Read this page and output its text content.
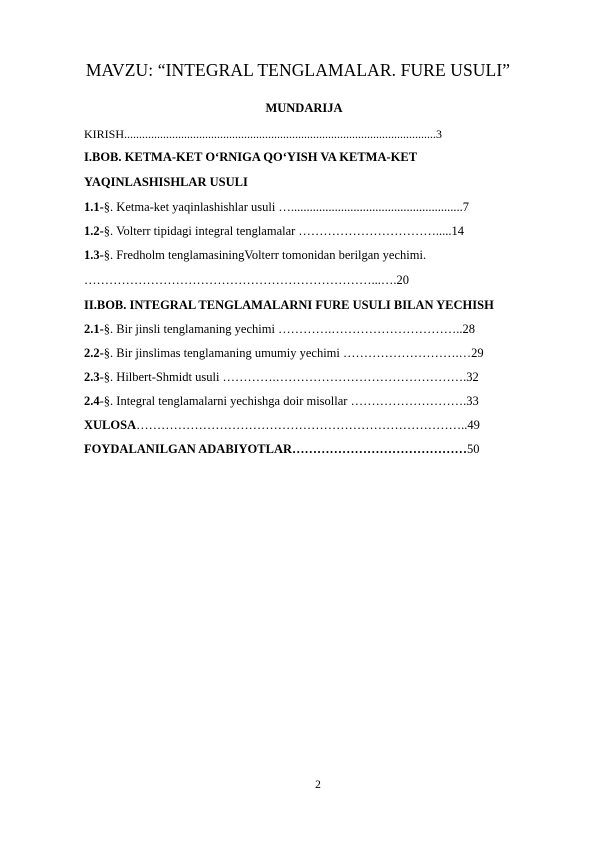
MAVZU: “INTEGRAL TENGLAMALAR. FURE USULI”
MUNDARIJA
KIRISH........................................................................................................3
I.BOB. KETMA-KET O‘RNIGA QO‘YISH VA KETMA-KET
YAQINLASHISHLAR USULI
1.1-§. Ketma-ket yaqinlashishlar usuli ….......................................................7
1.2-§. Volterr tipidagi integral tenglamalar …………………………….....14
1.3-§. Fredholm tenglamasiningVolterr tomonidan berilgan yechimi.
……………………………………………………………...….20
II.BOB. INTEGRAL TENGLAMALARNI FURE USULI BILAN YECHISH
2.1-§. Bir jinsli tenglamaning yechimi ………….…………………………..28
2.2-§. Bir jinslimas tenglamaning umumiy yechimi ……………………….…29
2.3-§. Hilbert-Shmidt usuli ………….……………………………………….32
2.4-§. Integral tenglamalarni yechishga doir misollar ……………………….33
XULOSA……………………………………………………………………..49
FOYDALANILGAN ADABIYOTLAR……………………………………50
2
